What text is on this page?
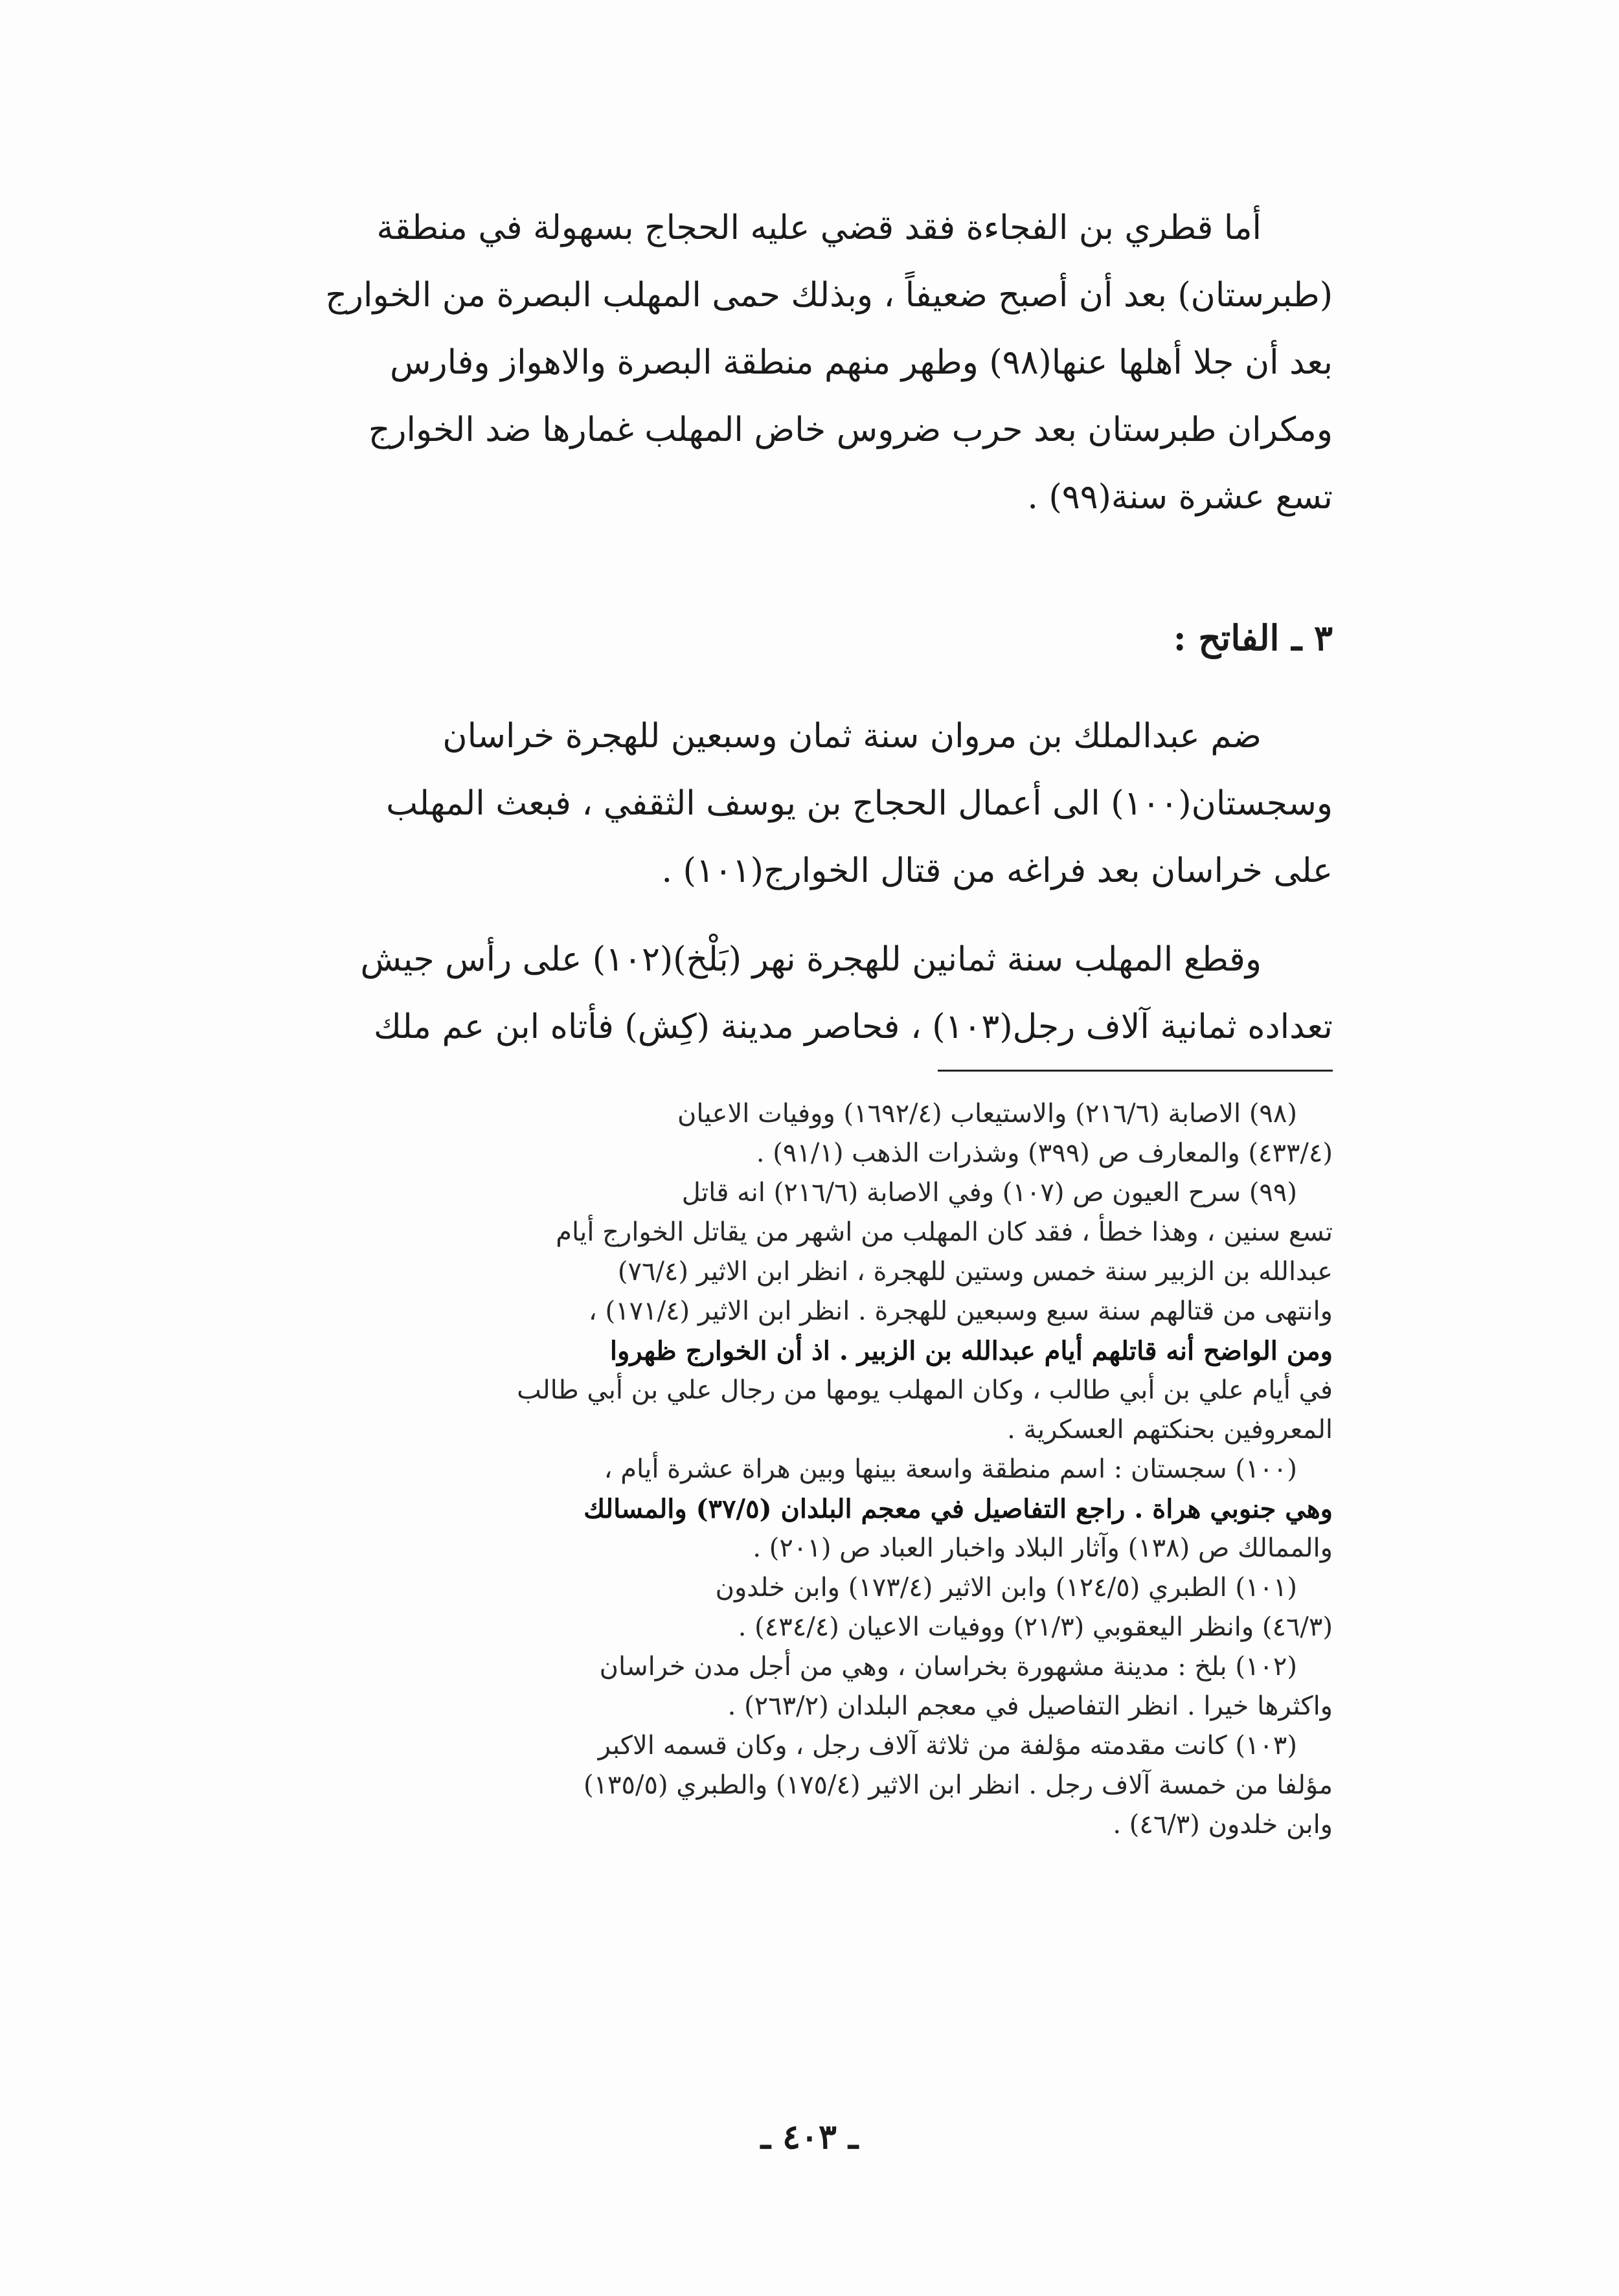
أما قطري بن الفجاءة فقد قضي عليه الحجاج بسهولة في منطقة
(طبرستان) بعد أن أصبح ضعيفاً ، وبذلك حمى المهلب البصرة من الخوارج
بعد أن جلا أهلها عنها(٩٨) وطهر منهم منطقة البصرة والاهواز وفارس
ومكران طبرستان بعد حرب ضروس خاض المهلب غمارها ضد الخوارج
تسع عشرة سنة(٩٩) .
٣ ـ الفاتح :
ضم عبدالملك بن مروان سنة ثمان وسبعين للهجرة خراسان
وسجستان(١٠٠) الى أعمال الحجاج بن يوسف الثقفي ، فبعث المهلب
على خراسان بعد فراغه من قتال الخوارج(١٠١) .
وقطع المهلب سنة ثمانين للهجرة نهر (بَلْخ)(١٠٢) على رأس جيش
تعداده ثمانية آلاف رجل(١٠٣) ، فحاصر مدينة (كِش) فأتاه ابن عم ملك
(٩٨) الاصابة (٢١٦/٦) والاستيعاب (١٦٩٢/٤) ووفيات الاعيان
(٤٣٣/٤) والمعارف ص (٣٩٩) وشذرات الذهب (٩١/١) .
(٩٩) سرح العيون ص (١٠٧) وفي الاصابة (٢١٦/٦) انه قاتل
تسع سنين ، وهذا خطأ ، فقد كان المهلب من اشهر من يقاتل الخوارج أيام
عبدالله بن الزبير سنة خمس وستين للهجرة ، انظر ابن الاثير (٧٦/٤)
وانتهى من قتالهم سنة سبع وسبعين للهجرة . انظر ابن الاثير (١٧١/٤) ،
ومن الواضح أنه قاتلهم أيام عبدالله بن الزبير . اذ أن الخوارج ظهروا
في أيام علي بن أبي طالب ، وكان المهلب يومها من رجال علي بن أبي طالب
المعروفين بحنكتهم العسكرية .
(١٠٠) سجستان : اسم منطقة واسعة بينها وبين هراة عشرة أيام ،
وهي جنوبي هراة . راجع التفاصيل في معجم البلدان (٣٧/٥) والمسالك
والممالك ص (١٣٨) وآثار البلاد واخبار العباد ص (٢٠١) .
(١٠١) الطبري (١٢٤/٥) وابن الاثير (١٧٣/٤) وابن خلدون
(٤٦/٣) وانظر اليعقوبي (٢١/٣) ووفيات الاعيان (٤٣٤/٤) .
(١٠٢) بلخ : مدينة مشهورة بخراسان ، وهي من أجل مدن خراسان
واكثرها خيرا . انظر التفاصيل في معجم البلدان (٢٦٣/٢) .
(١٠٣) كانت مقدمته مؤلفة من ثلاثة آلاف رجل ، وكان قسمه الاكبر
مؤلفا من خمسة آلاف رجل . انظر ابن الاثير (١٧٥/٤) والطبري (١٣٥/٥)
وابن خلدون (٤٦/٣) .
ـ ٤٠٣ ـ
